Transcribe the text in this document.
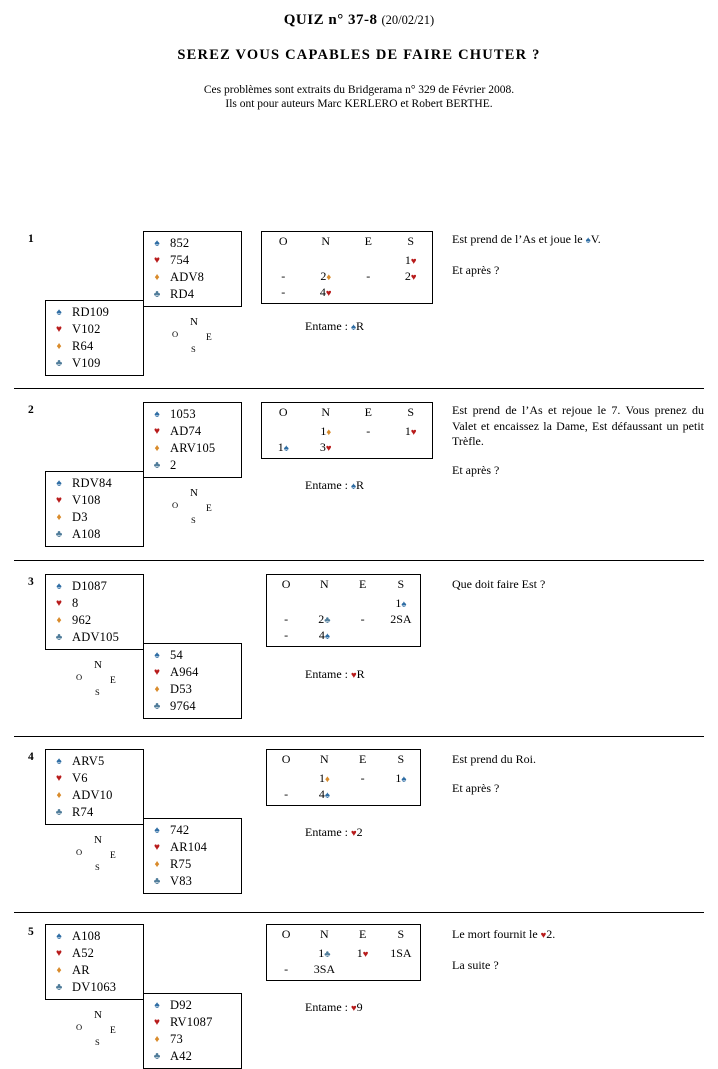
QUIZ n° 37-8 (20/02/21)
SEREZ VOUS CAPABLES DE FAIRE CHUTER ?
Ces problèmes sont extraits du Bridgerama n° 329 de Février 2008.
Ils ont pour auteurs Marc KERLERO et Robert BERTHE.
1	♠ 852
♥ 754
♦ ADV8
♣ RD4
♠ RD109
♥ V102
♦ R64
♣ V109
N
O	E
S
O	N	E	S
			1♥
-	2♦	-	2♥
-	4♥		
Entame : ♠R

Est prend de l’As et joue le ♠V.

Et après ?

2	♠ 1053
♥ AD74
♦ ARV105
♣ 2
♠ RDV84
♥ V108
♦ D3
♣ A108
N
O	E
S
O	N	E	S
	1♦	-	1♥
1♠	3♥		
Entame : ♠R

Est prend de l’As et rejoue le 7. Vous prenez du Valet et encaissez la Dame, Est défaussant un petit Trèfle.

Et après ?

3	♠ D1087
♥ 8
♦ 962
♣ ADV105
♠ 54
♥ A964
♦ D53
♣ 9764
N
O	E
S
O	N	E	S
			1♠
-	2♣	-	2SA
-	4♠		
Entame : ♥R

Que doit faire Est ?

4	♠ ARV5
♥ V6
♦ ADV10
♣ R74
♠ 742
♥ AR104
♦ R75
♣ V83
N
O	E
S
O	N	E	S
	1♦	-	1♠
-	4♠		
Entame : ♥2

Est prend du Roi.

Et après ?

5	♠ A108
♥ A52
♦ AR
♣ DV1063
♠ D92
♥ RV1087
♦ 73
♣ A42
N
O	E
S
O	N	E	S
	1♣	1♥	1SA
-	3SA		
Entame : ♥9

Le mort fournit le ♥2.

La suite ?
